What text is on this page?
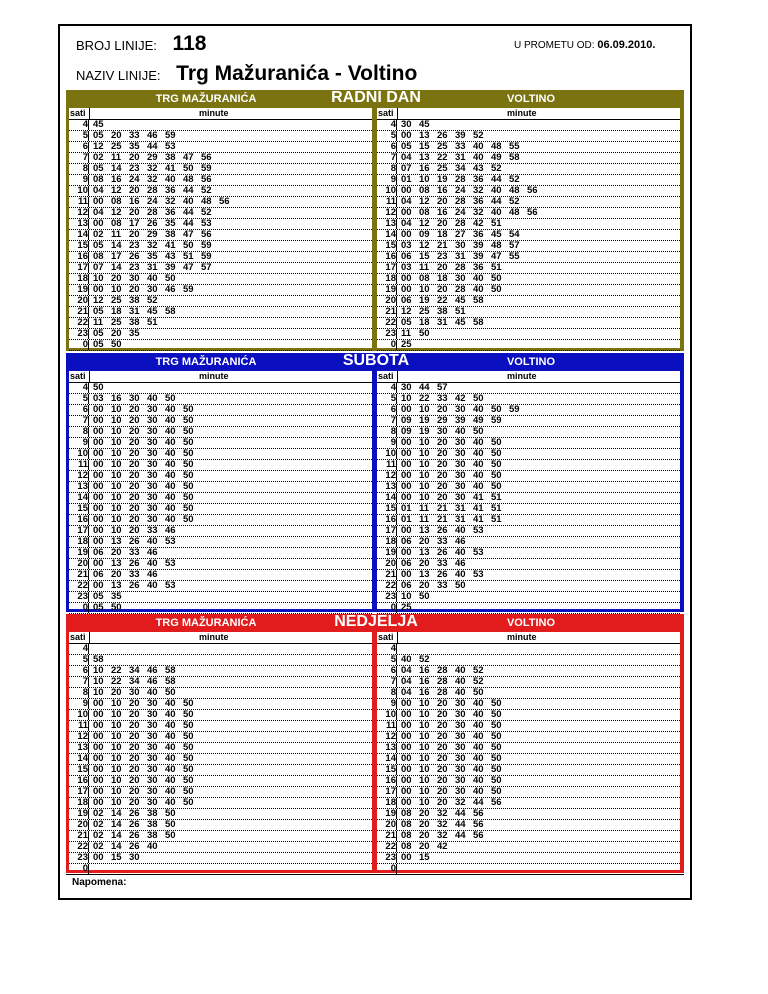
BROJ LINIJE: 118	U PROMETU OD: 06.09.2010.
NAZIV LINIJE: Trg Mažuranića - Voltino
TRG MAŽURANIĆA	RADNI DAN	VOLTINO
sati	minute
4 45
5 05 20 33 46 59
6 12 25 35 44 53
7 02 11 20 29 38 47 56
8 05 14 23 32 41 50 59
9 08 16 24 32 40 48 56
10 04 12 20 28 36 44 52
11 00 08 16 24 32 40 48 56
12 04 12 20 28 36 44 52
13 00 08 17 26 35 44 53
14 02 11 20 29 38 47 56
15 05 14 23 32 41 50 59
16 08 17 26 35 43 51 59
17 07 14 23 31 39 47 57
18 10 20 30 40 50
19 00 10 20 30 46 59
20 12 25 38 52
21 05 18 31 45 58
22 11 25 38 51
23 05 20 35
0 05 50
sati	minute
4 30 45
5 00 13 26 39 52
6 05 15 25 33 40 48 55
7 04 13 22 31 40 49 58
8 07 16 25 34 43 52
9 01 10 19 28 36 44 52
10 00 08 16 24 32 40 48 56
11 04 12 20 28 36 44 52
12 00 08 16 24 32 40 48 56
13 04 12 20 28 42 51
14 00 09 18 27 36 45 54
15 03 12 21 30 39 48 57
16 06 15 23 31 39 47 55
17 03 11 20 28 36 51
18 00 08 18 30 40 50
19 00 10 20 28 40 50
20 06 19 22 45 58
21 12 25 38 51
22 05 18 31 45 58
23 11 50
0 25
TRG MAŽURANIĆA	SUBOTA	VOLTINO
sati	minute
4 50
5 03 16 30 40 50
6 00 10 20 30 40 50
7 00 10 20 30 40 50
8 00 10 20 30 40 50
9 00 10 20 30 40 50
10 00 10 20 30 40 50
11 00 10 20 30 40 50
12 00 10 20 30 40 50
13 00 10 20 30 40 50
14 00 10 20 30 40 50
15 00 10 20 30 40 50
16 00 10 20 30 40 50
17 00 10 20 33 46
18 00 13 26 40 53
19 06 20 33 46
20 00 13 26 40 53
21 06 20 33 46
22 00 13 26 40 53
23 05 35
0 05 50
sati	minute
4 30 44 57
5 10 22 33 42 50
6 00 10 20 30 40 50 59
7 09 19 29 39 49 59
8 09 19 30 40 50
9 00 10 20 30 40 50
10 00 10 20 30 40 50
11 00 10 20 30 40 50
12 00 10 20 30 40 50
13 00 10 20 30 40 50
14 00 10 20 30 41 51
15 01 11 21 31 41 51
16 01 11 21 31 41 51
17 00 13 26 40 53
18 06 20 33 46
19 00 13 26 40 53
20 06 20 33 46
21 00 13 26 40 53
22 06 20 33 50
23 10 50
0 25
TRG MAŽURANIĆA	NEDJELJA	VOLTINO
sati	minute
4
5 58
6 10 22 34 46 58
7 10 22 34 46 58
8 10 20 30 40 50
9 00 10 20 30 40 50
10 00 10 20 30 40 50
11 00 10 20 30 40 50
12 00 10 20 30 40 50
13 00 10 20 30 40 50
14 00 10 20 30 40 50
15 00 10 20 30 40 50
16 00 10 20 30 40 50
17 00 10 20 30 40 50
18 00 10 20 30 40 50
19 02 14 26 38 50
20 02 14 26 38 50
21 02 14 26 38 50
22 02 14 26 40
23 00 15 30
0
sati	minute
4
5 40 52
6 04 16 28 40 52
7 04 16 28 40 52
8 04 16 28 40 50
9 00 10 20 30 40 50
10 00 10 20 30 40 50
11 00 10 20 30 40 50
12 00 10 20 30 40 50
13 00 10 20 30 40 50
14 00 10 20 30 40 50
15 00 10 20 30 40 50
16 00 10 20 30 40 50
17 00 10 20 30 40 50
18 00 10 20 32 44 56
19 08 20 32 44 56
20 08 20 32 44 56
21 08 20 32 44 56
22 08 20 42
23 00 15
0
Napomena:
